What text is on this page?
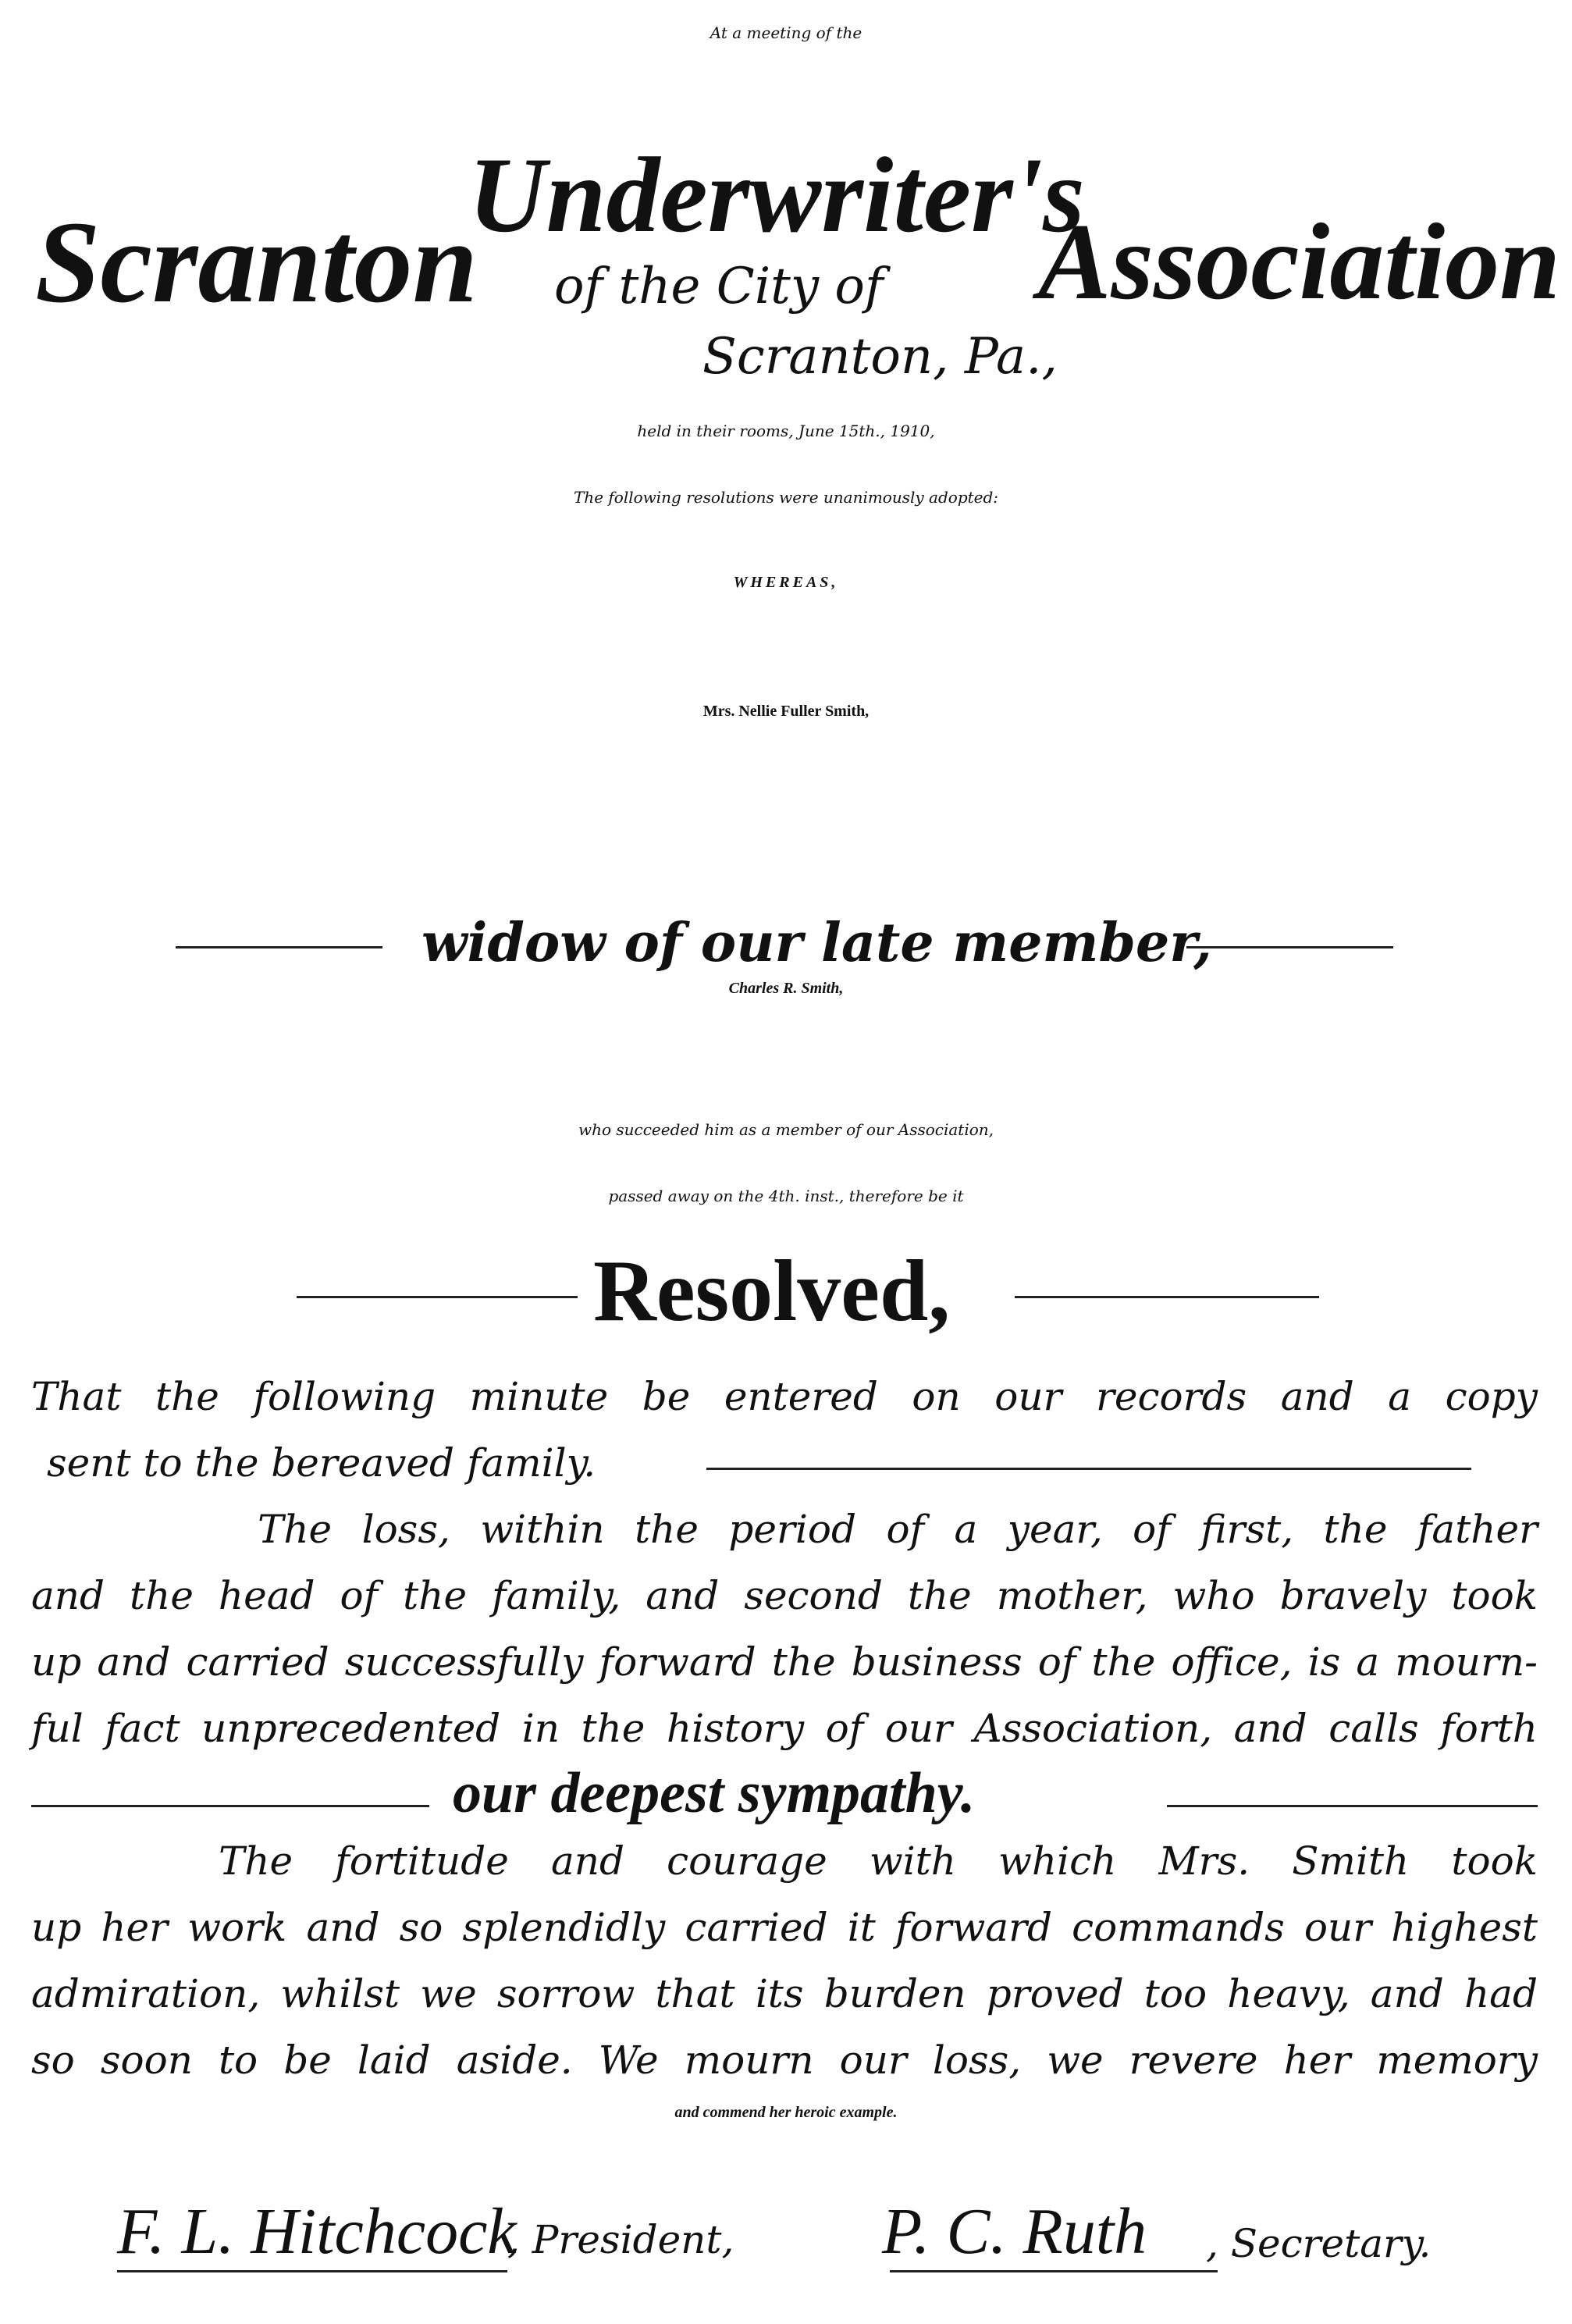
At a meeting of the
Scranton
Underwriter's
Association
of the City of
Scranton, Pa.,
held in their rooms, June 15th., 1910,
The following resolutions were unanimously adopted:
WHEREAS,
Mrs. Nellie Fuller Smith,
widow of our late member,
Charles R. Smith,
who succeeded him as a member of our Association,
passed away on the 4th. inst., therefore be it
Resolved,
That the following minute be entered on our records and a copy
sent to the bereaved family.
The loss, within the period of a year, of first, the father
and the head of the family, and second the mother, who bravely took
up and carried successfully forward the business of the office, is a mourn-
ful fact unprecedented in the history of our Association, and calls forth
our deepest sympathy.
The fortitude and courage with which Mrs. Smith took
up her work and so splendidly carried it forward commands our highest
admiration, whilst we sorrow that its burden proved too heavy, and had
so soon to be laid aside. We mourn our loss, we revere her memory
and commend her heroic example.
F. L. Hitchcock
, President, P. C. Ruth , Secretary.
